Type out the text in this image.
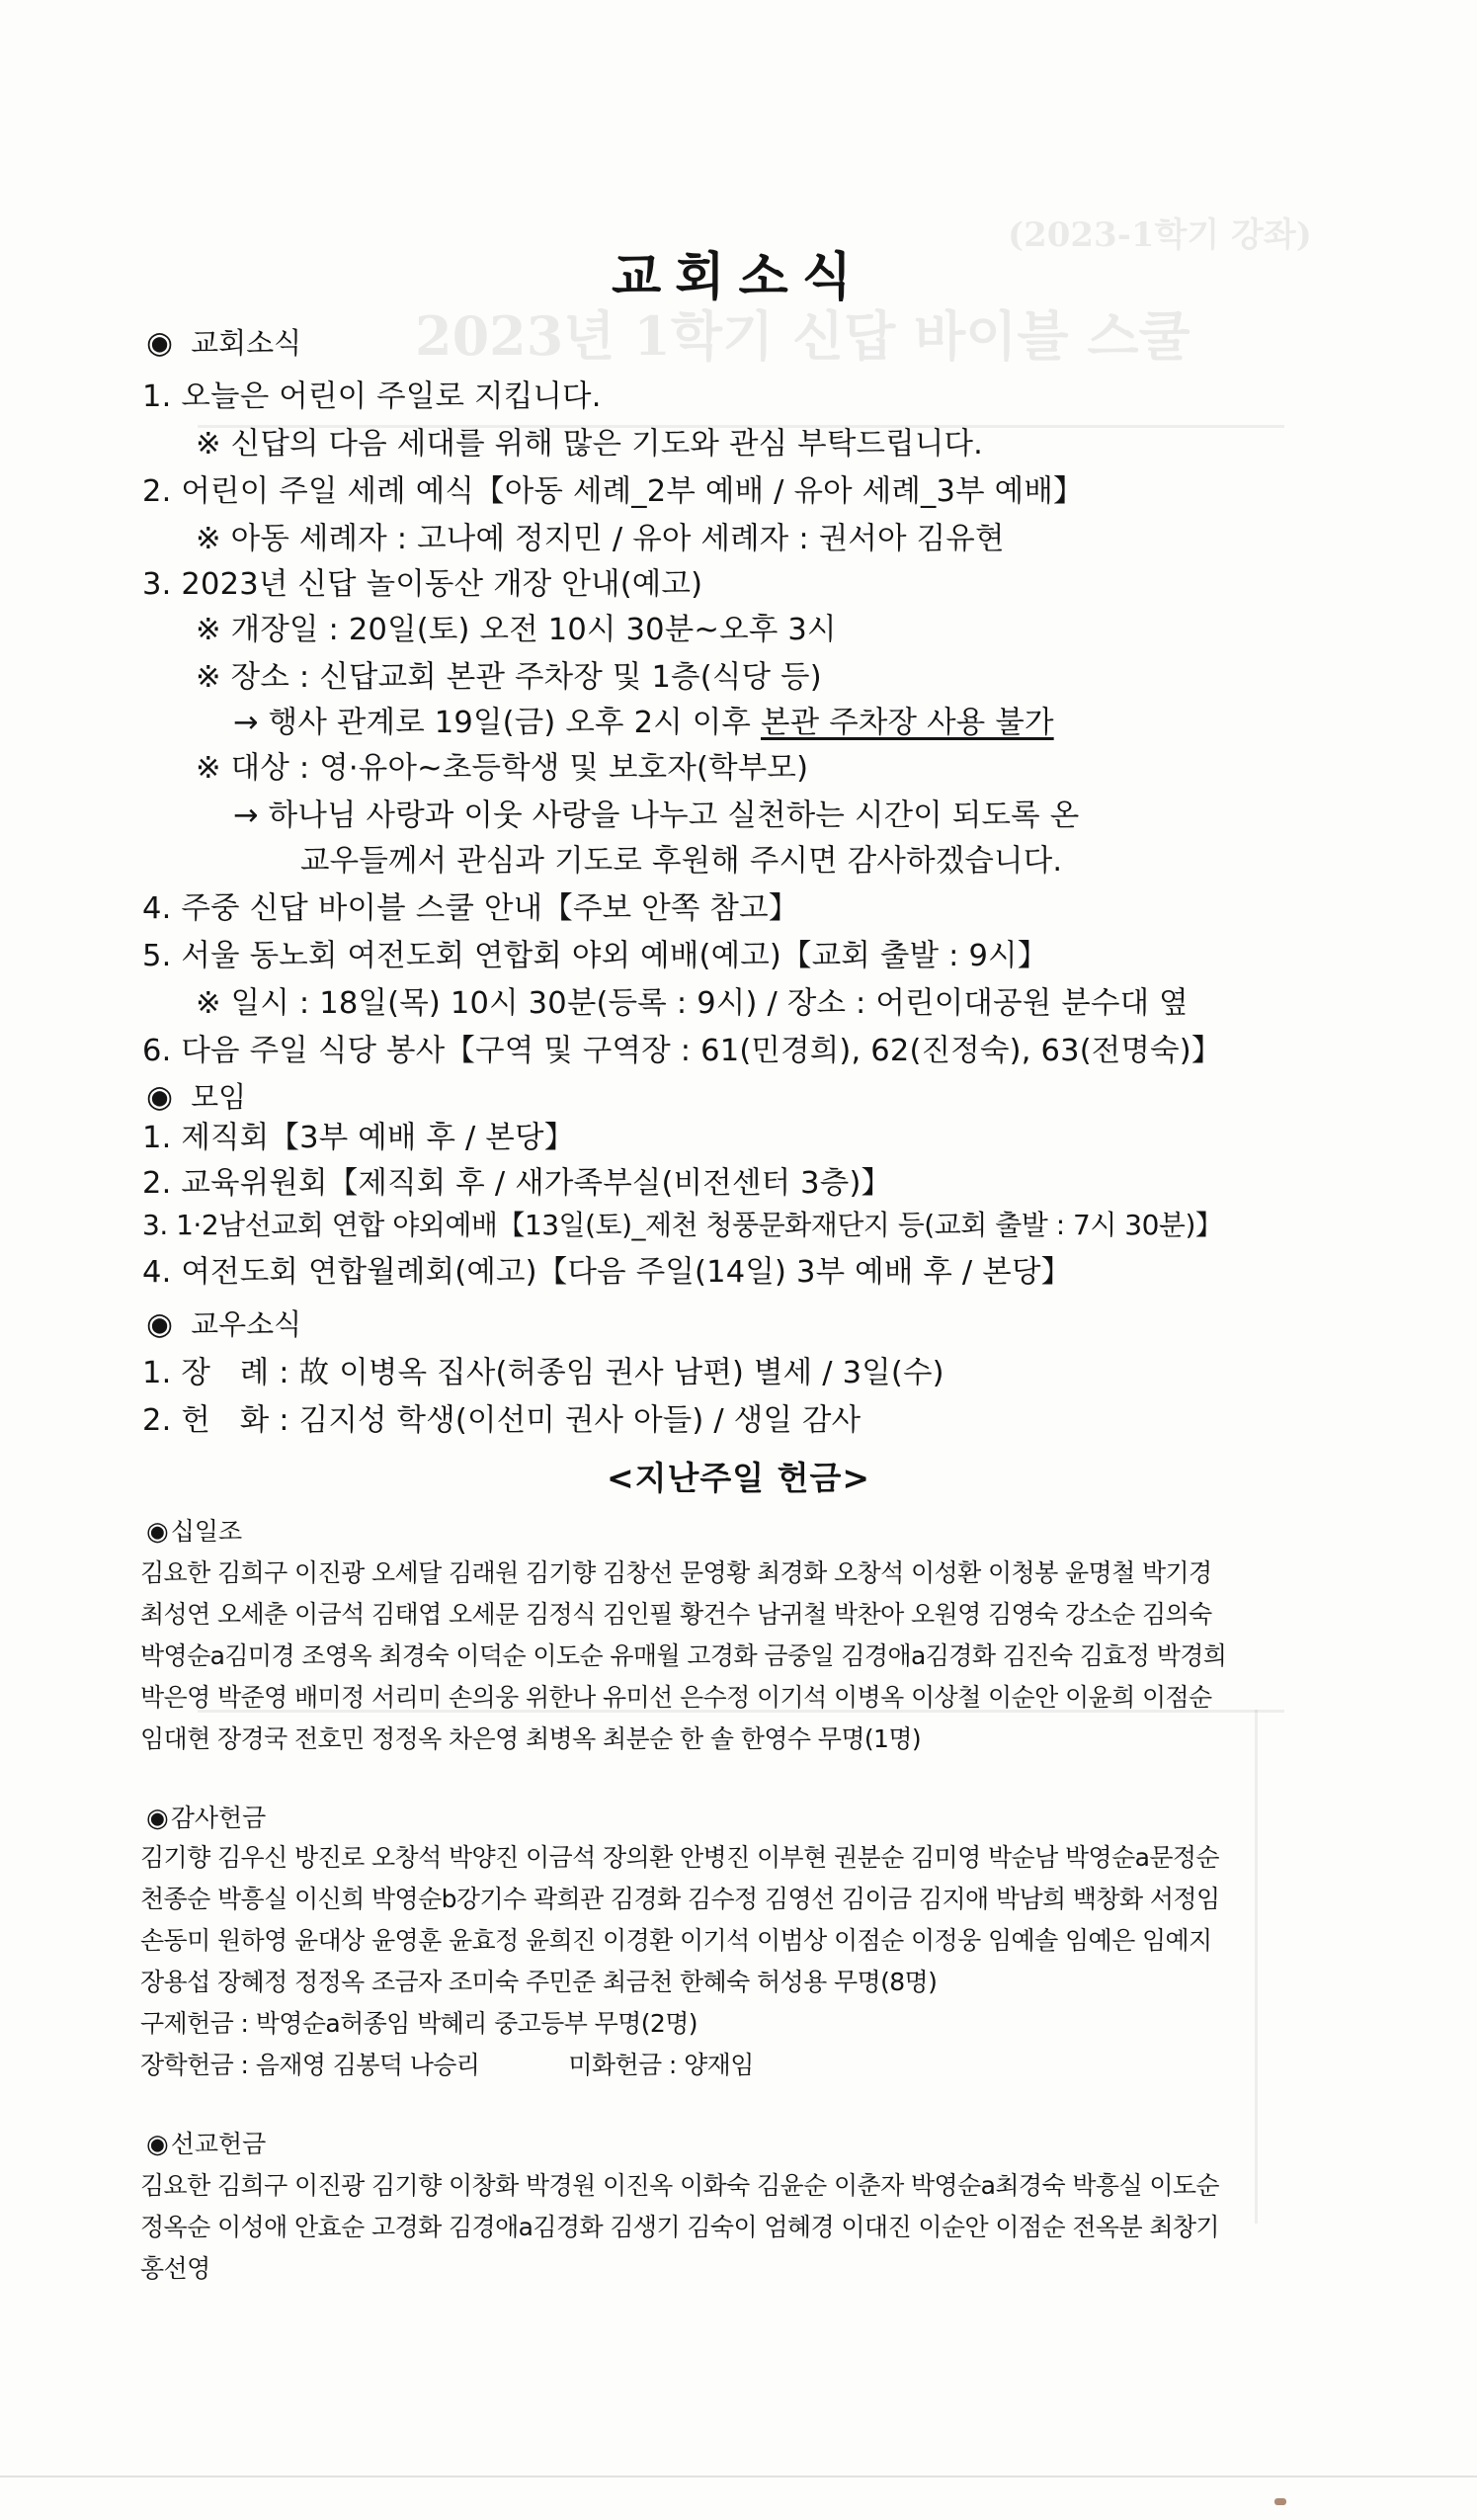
(2023-1학기 강좌)
2023년 1학기 신답 바이블 스쿨
교회소식
◉ 교회소식
1. 오늘은 어린이 주일로 지킵니다.
※ 신답의 다음 세대를 위해 많은 기도와 관심 부탁드립니다.
2. 어린이 주일 세례 예식【아동 세례_2부 예배 / 유아 세례_3부 예배】
※ 아동 세례자 : 고나예 정지민 / 유아 세례자 : 권서아 김유현
3. 2023년 신답 놀이동산 개장 안내(예고)
※ 개장일 : 20일(토) 오전 10시 30분~오후 3시
※ 장소 : 신답교회 본관 주차장 및 1층(식당 등)
→ 행사 관계로 19일(금) 오후 2시 이후 본관 주차장 사용 불가
※ 대상 : 영·유아~초등학생 및 보호자(학부모)
→ 하나님 사랑과 이웃 사랑을 나누고 실천하는 시간이 되도록 온
교우들께서 관심과 기도로 후원해 주시면 감사하겠습니다.
4. 주중 신답 바이블 스쿨 안내【주보 안쪽 참고】
5. 서울 동노회 여전도회 연합회 야외 예배(예고)【교회 출발 : 9시】
※ 일시 : 18일(목) 10시 30분(등록 : 9시) / 장소 : 어린이대공원 분수대 옆
6. 다음 주일 식당 봉사【구역 및 구역장 : 61(민경희), 62(진정숙), 63(전명숙)】
◉ 모임
1. 제직회【3부 예배 후 / 본당】
2. 교육위원회【제직회 후 / 새가족부실(비전센터 3층)】
3. 1·2남선교회 연합 야외예배【13일(토)_제천 청풍문화재단지 등(교회 출발 : 7시 30분)】
4. 여전도회 연합월례회(예고)【다음 주일(14일) 3부 예배 후 / 본당】
◉ 교우소식
1. 장   례 : 故 이병옥 집사(허종임 권사 남편) 별세 / 3일(수)
2. 헌   화 : 김지성 학생(이선미 권사 아들) / 생일 감사
<지난주일 헌금>
◉십일조
김요한 김희구 이진광 오세달 김래원 김기향 김창선 문영황 최경화 오창석 이성환 이청봉 윤명철 박기경
최성연 오세춘 이금석 김태엽 오세문 김정식 김인필 황건수 남귀철 박찬아 오원영 김영숙 강소순 김의숙
박영순a김미경 조영옥 최경숙 이덕순 이도순 유매월 고경화 금중일 김경애a김경화 김진숙 김효정 박경희
박은영 박준영 배미정 서리미 손의웅 위한나 유미선 은수정 이기석 이병옥 이상철 이순안 이윤희 이점순
임대현 장경국 전호민 정정옥 차은영 최병옥 최분순 한 솔 한영수 무명(1명)
◉감사헌금
김기향 김우신 방진로 오창석 박양진 이금석 장의환 안병진 이부현 권분순 김미영 박순남 박영순a문정순
천종순 박흥실 이신희 박영순b강기수 곽희관 김경화 김수정 김영선 김이금 김지애 박남희 백창화 서정임
손동미 원하영 윤대상 윤영훈 윤효정 윤희진 이경환 이기석 이범상 이점순 이정웅 임예솔 임예은 임예지
장용섭 장혜정 정정옥 조금자 조미숙 주민준 최금천 한혜숙 허성용 무명(8명)
구제헌금 : 박영순a허종임 박혜리 중고등부 무명(2명)
장학헌금 : 음재영 김봉덕 나승리	미화헌금 : 양재임
◉선교헌금
김요한 김희구 이진광 김기향 이창화 박경원 이진옥 이화숙 김윤순 이춘자 박영순a최경숙 박흥실 이도순
정옥순 이성애 안효순 고경화 김경애a김경화 김생기 김숙이 엄혜경 이대진 이순안 이점순 전옥분 최창기
홍선영
